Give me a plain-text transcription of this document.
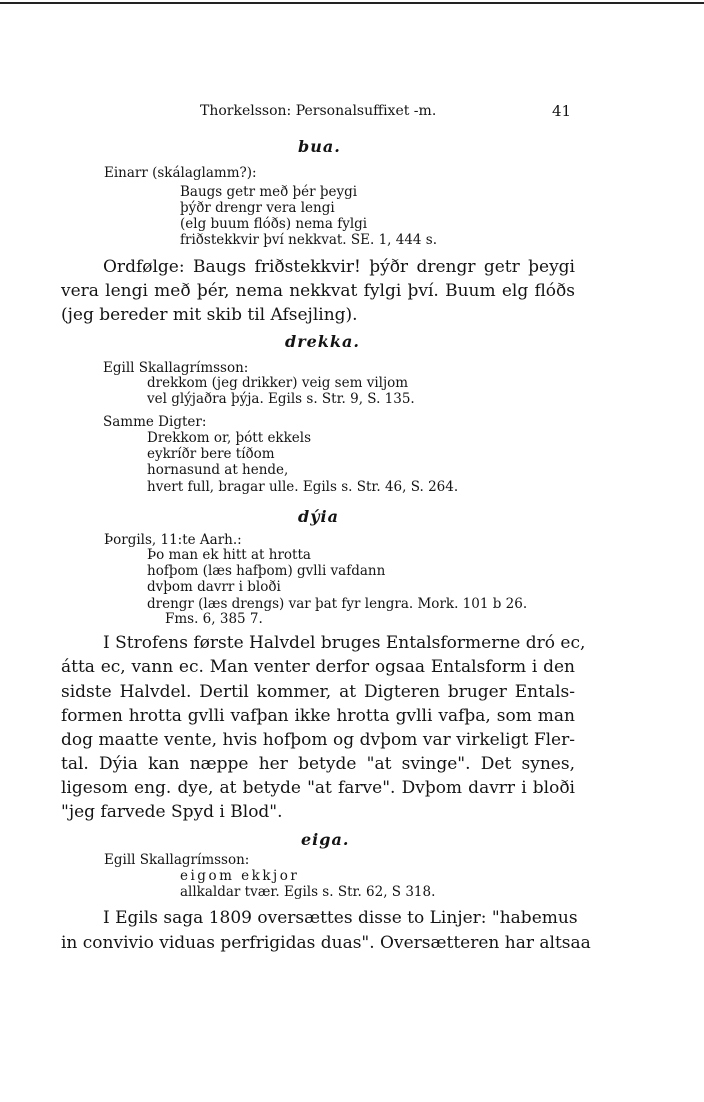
Thorkelsson: Personalsuffixet -m.	41
bua.
Einarr (skálaglamm?):
Baugs getr með þér þeygi
þýðr drengr vera lengi
(elg buum flóðs) nema fylgi
friðstekkvir því nekkvat. SE. 1, 444 s.
Ordfølge: Baugs friðstekkvir! þýðr drengr getr þeygi
vera lengi með þér, nema nekkvat fylgi því. Buum elg flóðs
(jeg bereder mit skib til Afsejling).
drekka.
Egill Skallagrímsson:
drekkom (jeg drikker) veig sem viljom
vel glýjaðra þýja. Egils s. Str. 9, S. 135.
Samme Digter:
Drekkom or, þótt ekkels
eykríðr bere tíðom
hornasund at hende,
hvert full, bragar ulle. Egils s. Str. 46, S. 264.
dýia
Þorgils, 11:te Aarh.:
Þo man ek hitt at hrotta
hofþom (læs hafþom) gvlli vafdann
dvþom davrr i bloði
drengr (læs drengs) var þat fyr lengra. Mork. 101 b 26.
Fms. 6, 385 7.
I Strofens første Halvdel bruges Entalsformerne dró ec,
átta ec, vann ec. Man venter derfor ogsaa Entalsform i den
sidste Halvdel. Dertil kommer, at Digteren bruger Entals-
formen hrotta gvlli vafþan ikke hrotta gvlli vafþa, som man
dog maatte vente, hvis hofþom og dvþom var virkeligt Fler-
tal. Dýia kan næppe her betyde "at svinge". Det synes,
ligesom eng. dye, at betyde "at farve". Dvþom davrr i bloði
"jeg farvede Spyd i Blod".
eiga.
Egill Skallagrímsson:
eigom ekkjor
allkaldar tvær. Egils s. Str. 62, S 318.
I Egils saga 1809 oversættes disse to Linjer: "habemus
in convivio viduas perfrigidas duas". Oversætteren har altsaa
